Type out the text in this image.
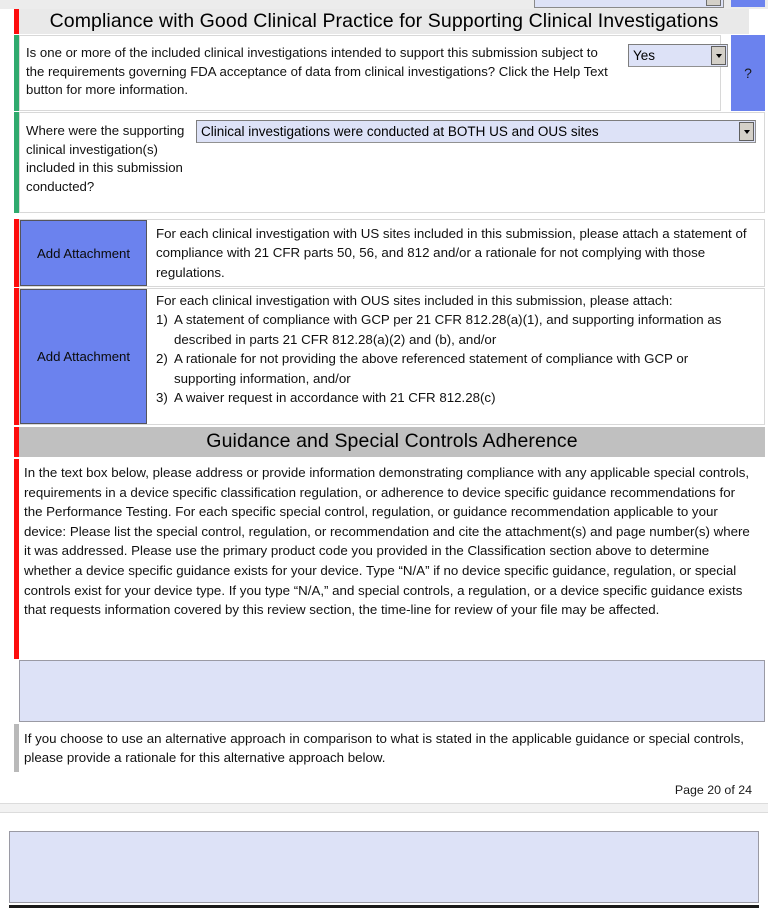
Compliance with Good Clinical Practice for Supporting Clinical Investigations
Is one or more of the included clinical investigations intended to support this submission subject to the requirements governing FDA acceptance of data from clinical investigations? Click the Help Text button for more information.
Yes
?
Where were the supporting clinical investigation(s) included in this submission conducted?
Clinical investigations were conducted at BOTH US and OUS sites
Add Attachment
For each clinical investigation with US sites included in this submission, please attach a statement of compliance with 21 CFR parts 50, 56, and 812 and/or a rationale for not complying with those regulations.
Add Attachment
For each clinical investigation with OUS sites included in this submission, please attach:
1) A statement of compliance with GCP per 21 CFR 812.28(a)(1), and supporting information as described in parts 21 CFR 812.28(a)(2) and (b), and/or
2) A rationale for not providing the above referenced statement of compliance with GCP or supporting information, and/or
3) A waiver request in accordance with 21 CFR 812.28(c)
Guidance and Special Controls Adherence
In the text box below, please address or provide information demonstrating compliance with any applicable special controls, requirements in a device specific classification regulation, or adherence to device specific guidance recommendations for the Performance Testing. For each specific special control, regulation, or guidance recommendation applicable to your device: Please list the special control, regulation, or recommendation and cite the attachment(s) and page number(s) where it was addressed. Please use the primary product code you provided in the Classification section above to determine whether a device specific guidance exists for your device. Type “N/A” if no device specific guidance, regulation, or special controls exist for your device type. If you type “N/A,” and special controls, a regulation, or a device specific guidance exists that requests information covered by this review section, the time-line for review of your file may be affected.
If you choose to use an alternative approach in comparison to what is stated in the applicable guidance or special controls, please provide a rationale for this alternative approach below.
Page 20 of 24
